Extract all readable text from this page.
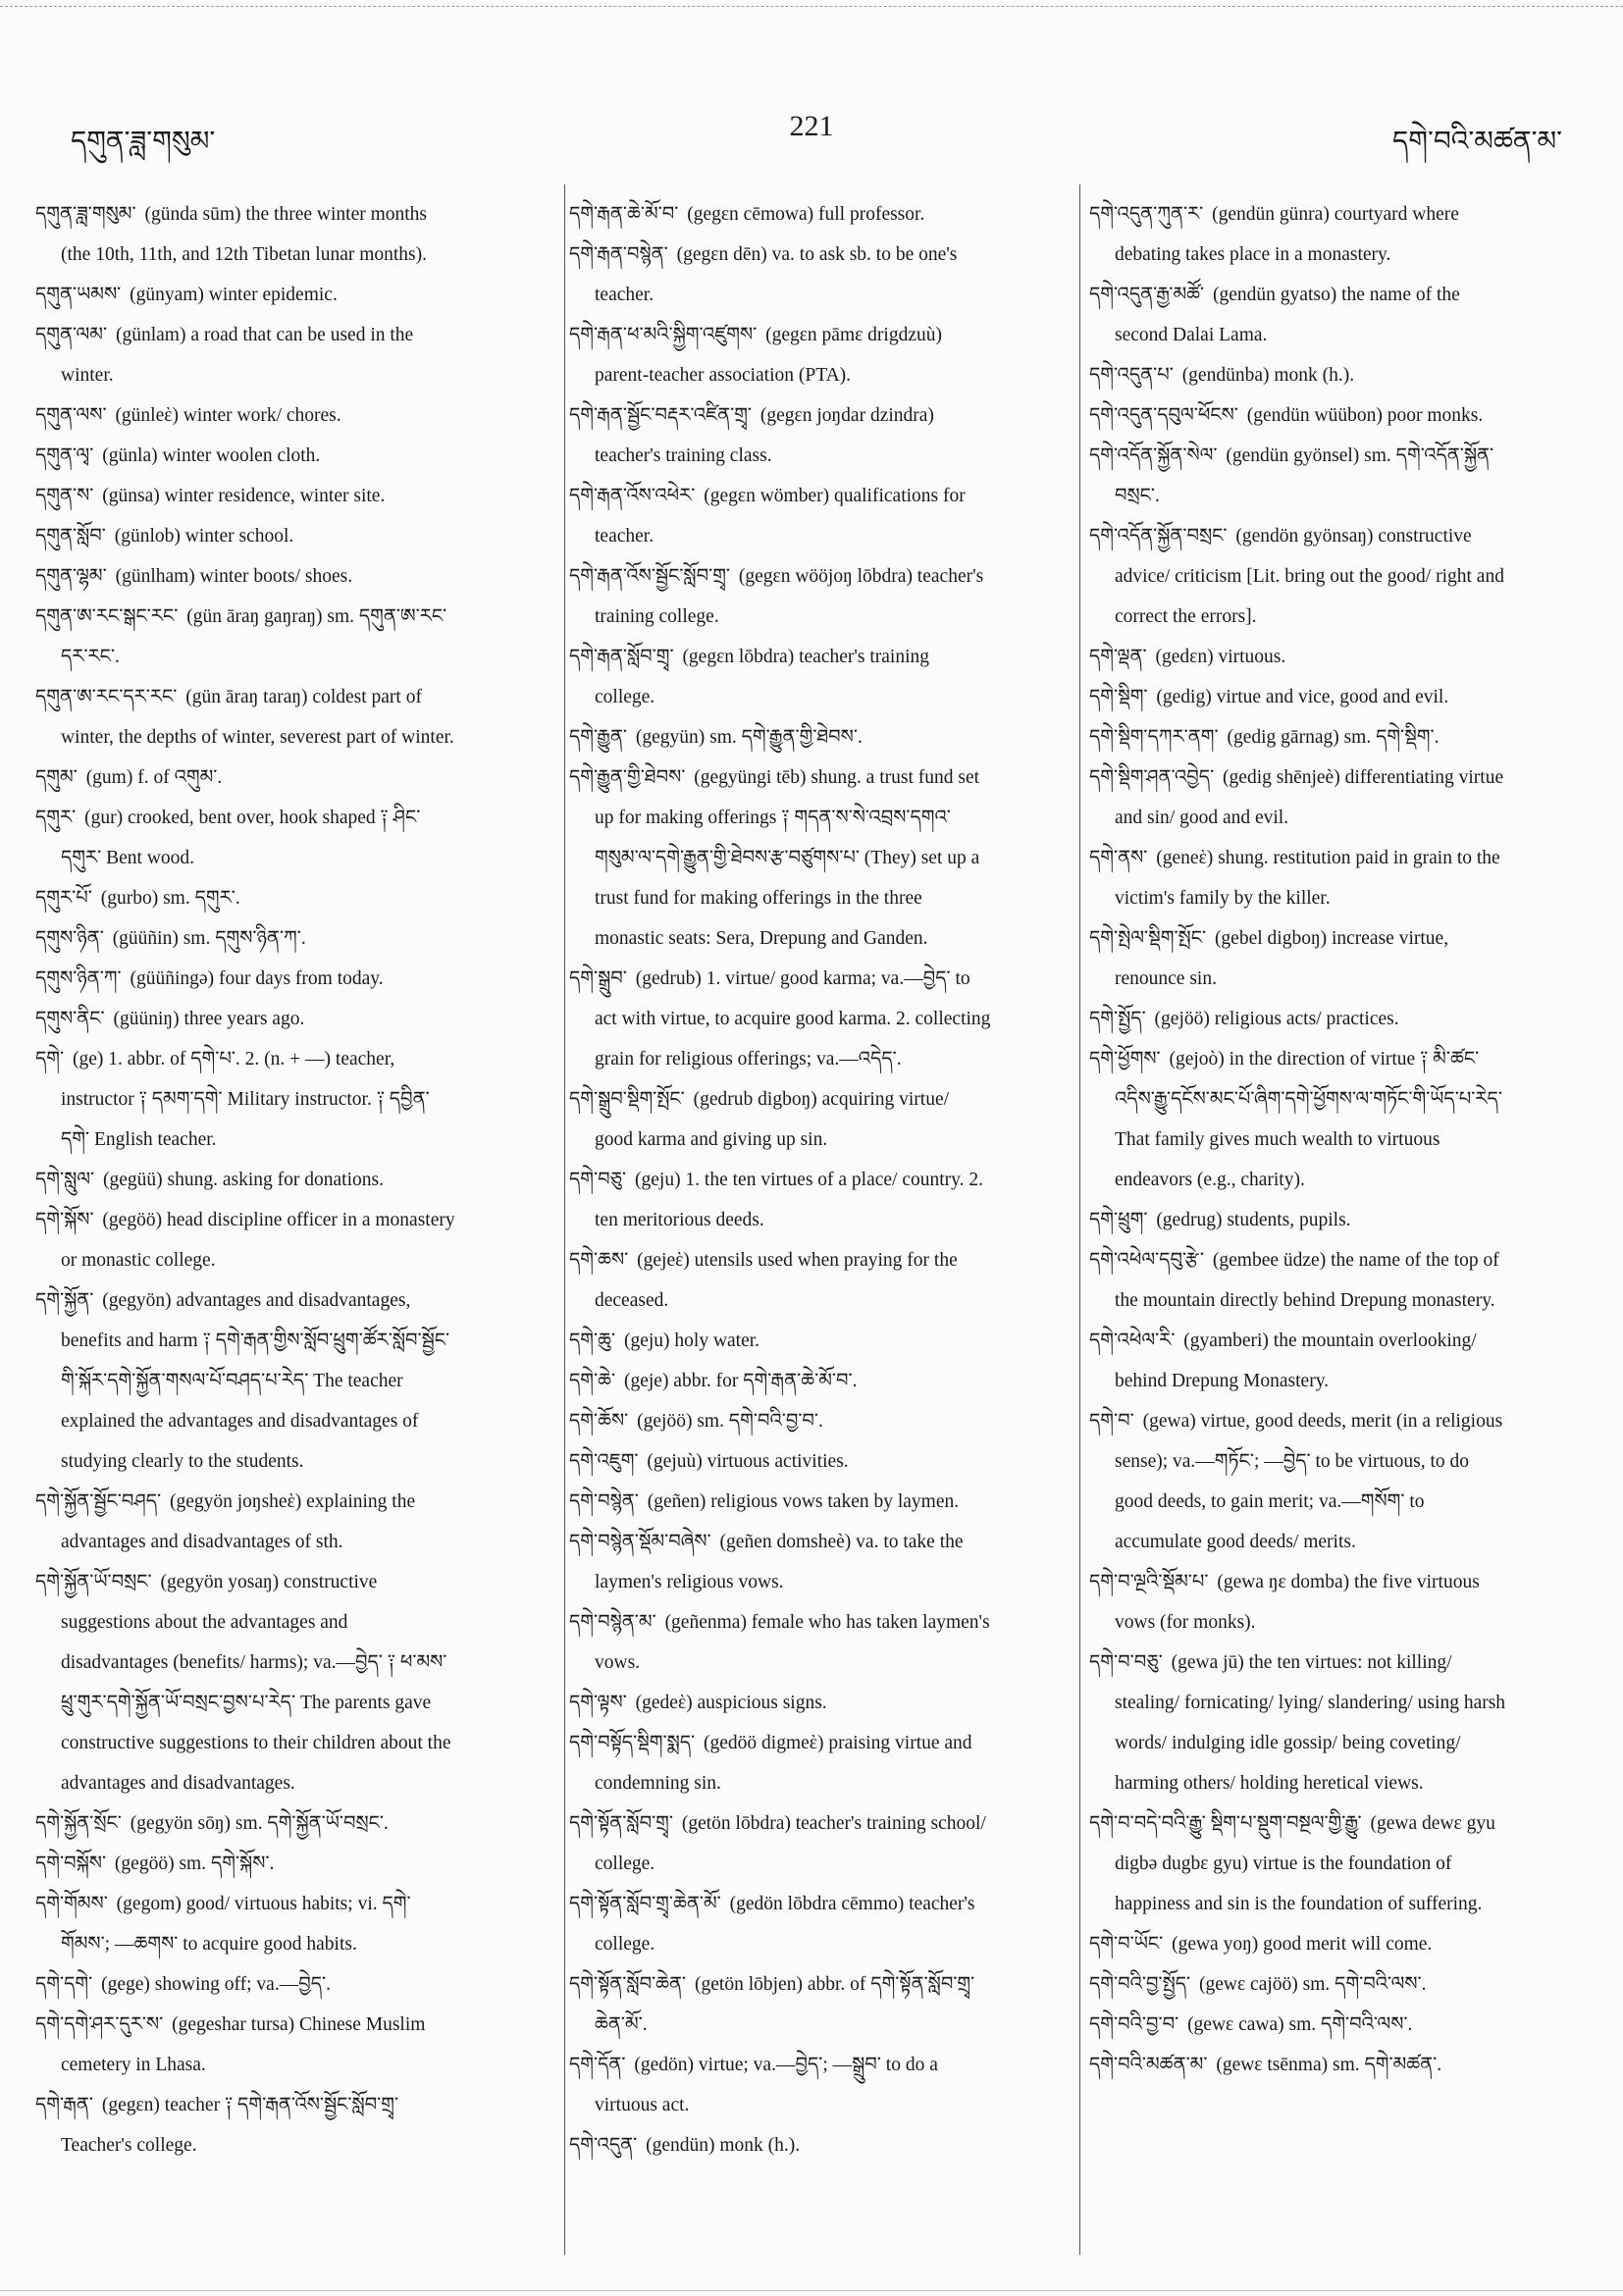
དགུན་ཟླ་གསུམ་	221	དགེ་བའི་མཚན་མ་

དགུན་ཟླ་གསུམ་ (günda sūm) the three winter months (the 10th, 11th, and 12th Tibetan lunar months).

དགུན་ཡམས་ (günyam) winter epidemic.

དགུན་ལམ་ (günlam) a road that can be used in the winter.

དགུན་ལས་ (günleὲ) winter work/ chores.

དགུན་ལྭ་ (günla) winter woolen cloth.

དགུན་ས་ (günsa) winter residence, winter site.

དགུན་སློབ་ (günlob) winter school.

དགུན་ལྷམ་ (günlham) winter boots/ shoes.

དགུན་ཨ་རང་སྒང་རང་ (gün āraŋ gaŋraŋ) sm. དགུན་ཨ་རང་དར་རང་.

དགུན་ཨ་རང་དར་རང་ (gün āraŋ taraŋ) coldest part of winter, the depths of winter, severest part of winter.

དགུམ་ (gum) f. of འགུམ་.

དགུར་ (gur) crooked, bent over, hook shaped ༑ ཤིང་དགུར་ Bent wood.

དགུར་པོ་ (gurbo) sm. དགུར་.

དགུས་ཉིན་ (güüñin) sm. དགུས་ཉིན་ཀ་.

དགུས་ཉིན་ཀ་ (güüñingə) four days from today.

དགུས་ནིང་ (güüniŋ) three years ago.

དགེ་ (ge) 1. abbr. of དགེ་པ་. 2. (n. + —) teacher, instructor ༑ དམག་དགེ་ Military instructor. ༑ དབྱིན་དགེ་ English teacher.

དགེ་སླུལ་ (gegüü) shung. asking for donations.

དགེ་སྐོས་ (gegöö) head discipline officer in a monastery or monastic college.

དགེ་སྐྱོན་ (gegyön) advantages and disadvantages, benefits and harm ༑ དགེ་རྒན་གྱིས་སློབ་ཕྲུག་ཚོར་སློབ་སྦྱོང་གི་སྐོར་དགེ་སྐྱོན་གསལ་པོ་བཤད་པ་རེད་ The teacher explained the advantages and disadvantages of studying clearly to the students.

དགེ་སྐྱོན་སྦྱོང་བཤད་ (gegyön joŋsheὲ) explaining the advantages and disadvantages of sth.

དགེ་སྐྱོན་ཡོ་བསྲང་ (gegyön yosaŋ) constructive suggestions about the advantages and disadvantages (benefits/ harms); va.—བྱེད་ ༑ ཕ་མས་ཕྲུ་གུར་དགེ་སྐྱོན་ཡོ་བསྲང་བྱས་པ་རེད་ The parents gave constructive suggestions to their children about the advantages and disadvantages.

དགེ་སྐྱོན་སྲོང་ (gegyön sōŋ) sm. དགེ་སྐྱོན་ཡོ་བསྲང་.

དགེ་བསྐོས་ (gegöö) sm. དགེ་སྐོས་.

དགེ་གོམས་ (gegom) good/ virtuous habits; vi. དགེ་གོམས་; —ཆགས་ to acquire good habits.

དགེ་དགེ་ (gege) showing off; va.—བྱེད་.

དགེ་དགེ་ཤར་དུར་ས་ (gegeshar tursa) Chinese Muslim cemetery in Lhasa.

དགེ་རྒན་ (gegɛn) teacher ༑ དགེ་རྒན་འོས་སྦྱོང་སློབ་གྲྭ་ Teacher's college.

དགེ་རྒན་ཆེ་མོ་བ་ (gegɛn cēmowa) full professor.

དགེ་རྒན་བསྙེན་ (gegɛn dēn) va. to ask sb. to be one's teacher.

དགེ་རྒན་ཕ་མའི་སྐྱིག་འཛུགས་ (gegɛn pāmɛ drigdzuù) parent-teacher association (PTA).

དགེ་རྒན་སྦྱོང་བརྡར་འཛིན་གྲྭ་ (gegɛn joŋdar dzindra) teacher's training class.

དགེ་རྒན་འོས་འཕེར་ (gegɛn wömber) qualifications for teacher.

དགེ་རྒན་འོས་སྦྱོང་སློབ་གྲྭ་ (gegɛn wööjoŋ lōbdra) teacher's training college.

དགེ་རྒན་སློབ་གྲྭ་ (gegɛn lōbdra) teacher's training college.

དགེ་རྒྱུན་ (gegyün) sm. དགེ་རྒྱུན་གྱི་ཐེབས་.

དགེ་རྒྱུན་གྱི་ཐེབས་ (gegyüngi tēb) shung. a trust fund set up for making offerings ༑ གདན་ས་སེ་འབྲས་དགའ་གསུམ་ལ་དགེ་རྒྱུན་གྱི་ཐེབས་རྩ་བཙུགས་པ་ (They) set up a trust fund for making offerings in the three monastic seats: Sera, Drepung and Ganden.

དགེ་སྒྲུབ་ (gedrub) 1. virtue/ good karma; va.—བྱེད་ to act with virtue, to acquire good karma. 2. collecting grain for religious offerings; va.—འདེད་.

དགེ་སྒྲུབ་སྡིག་སྤོང་ (gedrub digboŋ) acquiring virtue/ good karma and giving up sin.

དགེ་བཅུ་ (geju) 1. the ten virtues of a place/ country. 2. ten meritorious deeds.

དགེ་ཆས་ (gejeὲ) utensils used when praying for the deceased.

དགེ་ཆུ་ (geju) holy water.

དགེ་ཆེ་ (geje) abbr. for དགེ་རྒན་ཆེ་མོ་བ་.

དགེ་ཆོས་ (gejöö) sm. དགེ་བའི་བྱ་བ་.

དགེ་འཇུག་ (gejuù) virtuous activities.

དགེ་བསྙེན་ (geñen) religious vows taken by laymen.

དགེ་བསྙེན་སྡོམ་བཞེས་ (geñen domsheè) va. to take the laymen's religious vows.

དགེ་བསྙེན་མ་ (geñenma) female who has taken laymen's vows.

དགེ་ལྟས་ (gedeὲ) auspicious signs.

དགེ་བསྟོད་སྡིག་སྨད་ (gedöö digmeὲ) praising virtue and condemning sin.

དགེ་སྟོན་སློབ་གྲྭ་ (getön lōbdra) teacher's training school/ college.

དགེ་སྟོན་སློབ་གྲྭ་ཆེན་མོ་ (gedön lōbdra cēmmo) teacher's college.

དགེ་སྟོན་སློབ་ཆེན་ (getön lōbjen) abbr. of དགེ་སྟོན་སློབ་གྲྭ་ཆེན་མོ་.

དགེ་དོན་ (gedön) virtue; va.—བྱེད་; —སྒྲུབ་ to do a virtuous act.

དགེ་འདུན་ (gendün) monk (h.).

དགེ་འདུན་ཀུན་ར་ (gendün günra) courtyard where debating takes place in a monastery.

དགེ་འདུན་རྒྱ་མཚོ་ (gendün gyatso) the name of the second Dalai Lama.

དགེ་འདུན་པ་ (gendünba) monk (h.).

དགེ་འདུན་དབུལ་ཕོངས་ (gendün wüübon) poor monks.

དགེ་འདོན་སྐྱོན་སེལ་ (gendün gyönsel) sm. དགེ་འདོན་སྐྱོན་བསྲང་.

དགེ་འདོན་སྐྱོན་བསྲང་ (gendön gyönsaŋ) constructive advice/ criticism [Lit. bring out the good/ right and correct the errors].

དགེ་ལྡན་ (gedɛn) virtuous.

དགེ་སྡིག་ (gedig) virtue and vice, good and evil.

དགེ་སྡིག་དཀར་ནག་ (gedig gārnag) sm. དགེ་སྡིག་.

དགེ་སྡིག་ཤན་འབྱེད་ (gedig shēnjeè) differentiating virtue and sin/ good and evil.

དགེ་ནས་ (geneὲ) shung. restitution paid in grain to the victim's family by the killer.

དགེ་སྤེལ་སྡིག་སྤོང་ (gebel digboŋ) increase virtue, renounce sin.

དགེ་སྤྱོད་ (gejöö) religious acts/ practices.

དགེ་ཕྱོགས་ (gejoò) in the direction of virtue ༑ མི་ཚང་འདིས་རྒྱུ་དངོས་མང་པོ་ཞིག་དགེ་ཕྱོགས་ལ་གཏོང་གི་ཡོད་པ་རེད་ That family gives much wealth to virtuous endeavors (e.g., charity).

དགེ་ཕྲུག་ (gedrug) students, pupils.

དགེ་འཕེལ་དབུ་རྩེ་ (gembee üdze) the name of the top of the mountain directly behind Drepung monastery.

དགེ་འཕེལ་རི་ (gyamberi) the mountain overlooking/ behind Drepung Monastery.

དགེ་བ་ (gewa) virtue, good deeds, merit (in a religious sense); va.—གཏོང་; —བྱེད་ to be virtuous, to do good deeds, to gain merit; va.—གསོག་ to accumulate good deeds/ merits.

དགེ་བ་ལྔའི་སྡོམ་པ་ (gewa ŋɛ domba) the five virtuous vows (for monks).

དགེ་བ་བཅུ་ (gewa jū) the ten virtues: not killing/ stealing/ fornicating/ lying/ slandering/ using harsh words/ indulging idle gossip/ being coveting/ harming others/ holding heretical views.

དགེ་བ་བདེ་བའི་རྒྱུ་ སྡིག་པ་སྡུག་བསྔལ་གྱི་རྒྱུ་ (gewa dewɛ gyu digbə dugbɛ gyu) virtue is the foundation of happiness and sin is the foundation of suffering.

དགེ་བ་ཡོང་ (gewa yoŋ) good merit will come.

དགེ་བའི་བྱ་སྤྱོད་ (gewɛ cajöö) sm. དགེ་བའི་ལས་.

དགེ་བའི་བྱ་བ་ (gewɛ cawa) sm. དགེ་བའི་ལས་.

དགེ་བའི་མཚན་མ་ (gewɛ tsēnma) sm. དགེ་མཚན་.
